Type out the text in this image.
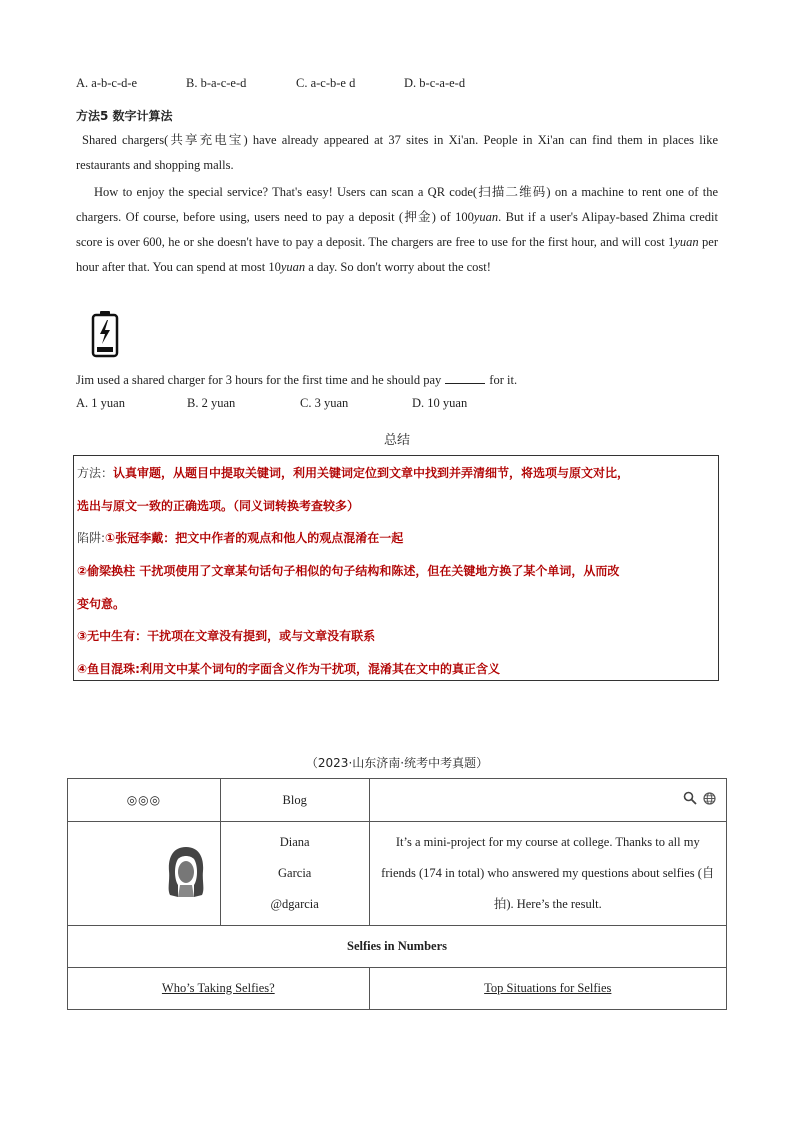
A. a-b-c-d-e	B. b-a-c-e-d	C. a-c-b-e d	D. b-c-a-e-d
方法5 数字计算法
Shared chargers(共享充电宝) have already appeared at 37 sites in Xi'an. People in Xi'an can find them in places like restaurants and shopping malls.
How to enjoy the special service? That's easy! Users can scan a QR code(扫描二维码) on a machine to rent one of the chargers. Of course, before using, users need to pay a deposit (押金) of 100yuan. But if a user's Alipay-based Zhima credit score is over 600, he or she doesn't have to pay a deposit. The chargers are free to use for the first hour, and will cost 1yuan per hour after that. You can spend at most 10yuan a day. So don't worry about the cost!
Jim used a shared charger for 3 hours for the first time and he should pay	for it.
A. 1 yuan	B. 2 yuan	C. 3 yuan	D. 10 yuan
总结
方法：认真审题，从题目中提取关键词，利用关键词定位到文章中找到并弄清细节，将选项与原文对比，
选出与原文一致的正确选项。（同义词转换考查较多）
陷阱:①张冠李戴：把文中作者的观点和他人的观点混淆在一起
②偷梁换柱 干扰项使用了文章某句话句子相似的句子结构和陈述，但在关键地方换了某个单词，从而改
变句意。
③无中生有：干扰项在文章没有提到，或与文章没有联系
④鱼目混珠:利用文中某个词句的字面含义作为干扰项，混淆其在文中的真正含义
（2023·山东济南·统考中考真题）
◎◎◎	Blog	

Diana
Garcia
@dgarcia	It’s a mini-project for my course at college. Thanks to all my friends (174 in total) who answered my questions about selfies (自拍). Here’s the result.
Selfies in Numbers		
Who’s Taking Selfies?		Top Situations for Selfies
